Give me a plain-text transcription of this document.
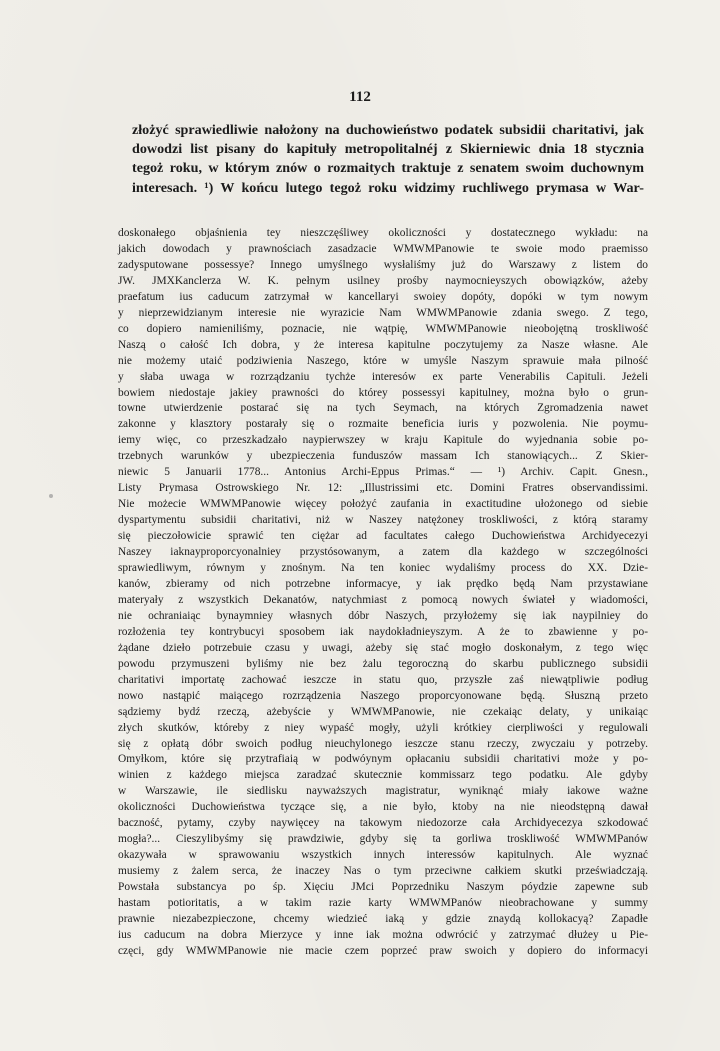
112
złożyć sprawiedliwie nałożony na duchowieństwo podatek subsidii charitativi, jak
dowodzi list pisany do kapituły metropolitalnéj z Skierniewic dnia 18 stycznia
tegoż roku, w którym znów o rozmaitych traktuje z senatem swoim duchownym
interesach. ¹) W końcu lutego tegoż roku widzimy ruchliwego prymasa w War-
doskonałego objaśnienia tey nieszczęśliwey okoliczności y dostatecznego wykładu: na
jakich dowodach y prawnościach zasadzacie WMWMPanowie te swoie modo praemisso
zadysputowane possessye? Innego umyślnego wysłaliśmy już do Warszawy z listem do
JW. JMXKanclerza W. K. pełnym usilney prośby naymocnieyszych obowiązków, ażeby
praefatum ius caducum zatrzymał w kancellaryi swoiey dopóty, dopóki w tym nowym
y nieprzewidzianym interesie nie wyrazicie Nam WMWMPanowie zdania swego. Z tego,
co dopiero namieniliśmy, poznacie, nie wątpię, WMWMPanowie nieobojętną troskliwość
Naszą o całość Ich dobra, y że interesa kapitulne poczytujemy za Nasze własne. Ale
nie możemy utaić podziwienia Naszego, które w umyśle Naszym sprawuie mała pilność
y słaba uwaga w rozrządzaniu tychże interesów ex parte Venerabilis Capituli. Jeżeli
bowiem niedostaje jakiey prawności do którey possessyi kapitulney, można było o grun-
towne utwierdzenie postarać się na tych Seymach, na których Zgromadzenia nawet
zakonne y klasztory postarały się o rozmaite beneficia iuris y pozwolenia. Nie poymu-
iemy więc, co przeszkadzało naypierwszey w kraju Kapitule do wyjednania sobie po-
trzebnych warunków y ubezpieczenia funduszów massam Ich stanowiących... Z Skier-
niewic 5 Januarii 1778... Antonius Archi-Eppus Primas.“ — ¹) Archiv. Capit. Gnesn.,
Listy Prymasa Ostrowskiego Nr. 12: „Illustrissimi etc. Domini Fratres observandissimi.
Nie możecie WMWMPanowie więcey położyć zaufania in exactitudine ułożonego od siebie
dyspartymentu subsidii charitativi, niż w Naszey natężoney troskliwości, z którą staramy
się pieczołowicie sprawić ten ciężar ad facultates całego Duchowieństwa Archidyecezyi
Naszey iaknayproporcyonalniey przystósowanym, a zatem dla każdego w szczególności
sprawiedliwym, równym y znośnym. Na ten koniec wydaliśmy process do XX. Dzie-
kanów, zbieramy od nich potrzebne informacye, y iak prędko będą Nam przystawiane
materyały z wszystkich Dekanatów, natychmiast z pomocą nowych świateł y wiadomości,
nie ochraniaiąc bynaymniey własnych dóbr Naszych, przyłożemy się iak naypilniey do
rozłożenia tey kontrybucyi sposobem iak naydokładnieyszym. A że to zbawienne y po-
żądane dzieło potrzebuie czasu y uwagi, ażeby się stać mogło doskonałym, z tego więc
powodu przymuszeni byliśmy nie bez żalu tegoroczną do skarbu publicznego subsidii
charitativi importatę zachować ieszcze in statu quo, przyszłe zaś niewątpliwie podług
nowo nastąpić maiącego rozrządzenia Naszego proporcyonowane będą. Słuszną przeto
sądziemy bydź rzeczą, ażebyście y WMWMPanowie, nie czekaiąc delaty, y unikaiąc
złych skutków, któreby z niey wypaść mogły, użyli krótkiey cierpliwości y regulowali
się z opłatą dóbr swoich podług nieuchylonego ieszcze stanu rzeczy, zwyczaiu y potrzeby.
Omyłkom, które się przytrafiaią w podwóynym opłacaniu subsidii charitativi może y po-
winien z każdego miejsca zaradzać skutecznie kommissarz tego podatku. Ale gdyby
w Warszawie, ile siedlisku nayważszych magistratur, wyniknąć miały iakowe ważne
okoliczności Duchowieństwa tyczące się, a nie było, ktoby na nie nieodstępną dawał
baczność, pytamy, czyby naywięcey na takowym niedozorze cała Archidyecezya szkodować
mogła?... Cieszylibyśmy się prawdziwie, gdyby się ta gorliwa troskliwość WMWMPanów
okazywała w sprawowaniu wszystkich innych interessów kapitulnych. Ale wyznać
musiemy z żalem serca, że inaczey Nas o tym przeciwne całkiem skutki przeświadczają.
Powstała substancya po śp. Xięciu JMci Poprzedniku Naszym póydzie zapewne sub
hastam potioritatis, a w takim razie karty WMWMPanów nieobrachowane y summy
prawnie niezabezpieczone, chcemy wiedzieć iaką y gdzie znaydą kollokacyą? Zapadłe
ius caducum na dobra Mierzyce y inne iak można odwrócić y zatrzymać dłużey u Pie-
częci, gdy WMWMPanowie nie macie czem poprzeć praw swoich y dopiero do informacyi
